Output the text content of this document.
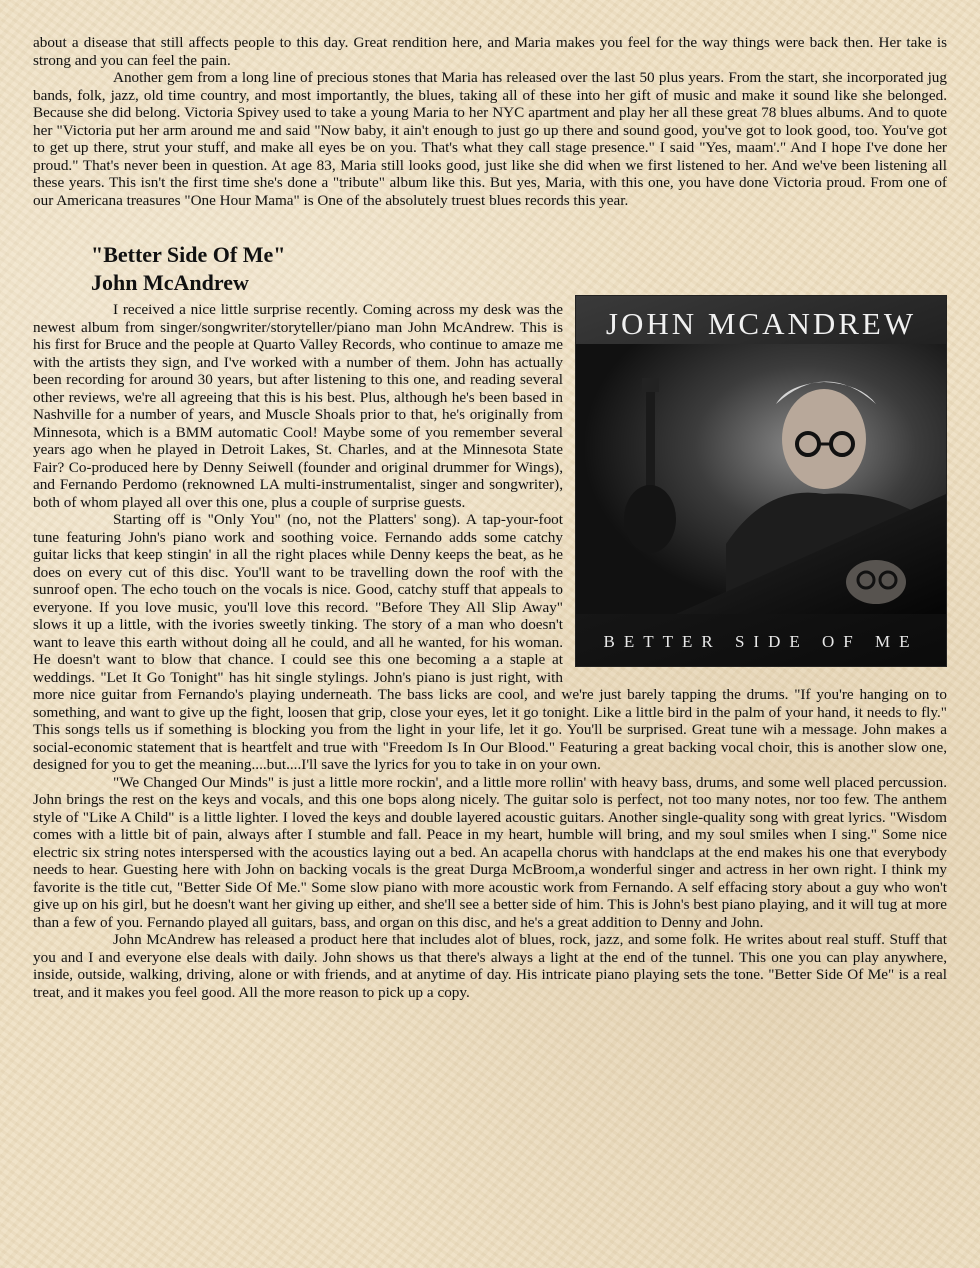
about a disease that still affects people to this day. Great rendition here, and Maria makes you feel for the way things were back then. Her take is strong and you can feel the pain.

Another gem from a long line of precious stones that Maria has released over the last 50 plus years. From the start, she incorporated jug bands, folk, jazz, old time country, and most importantly, the blues, taking all of these into her gift of music and make it sound like she belonged. Because she did belong. Victoria Spivey used to take a young Maria to her NYC apartment and play her all these great 78 blues albums. And to quote her "Victoria put her arm around me and said "Now baby, it ain't enough to just go up there and sound good, you've got to look good, too. You've got to get up there, strut your stuff, and make all eyes be on you. That's what they call stage presence." I said "Yes, maam'." And I hope I've done her proud." That's never been in question. At age 83, Maria still looks good, just like she did when we first listened to her. And we've been listening all these years. This isn't the first time she's done a "tribute" album like this. But yes, Maria, with this one, you have done Victoria proud. From one of our Americana treasures "One Hour Mama" is One of the absolutely truest blues records this year.

"Better Side Of Me"
John McAndrew
JOHN MCANDREW
BETTER SIDE OF ME

I received a nice little surprise recently. Coming across my desk was the newest album from singer/songwriter/storyteller/piano man John McAndrew. This is his first for Bruce and the people at Quarto Valley Records, who continue to amaze me with the artists they sign, and I've worked with a number of them. John has actually been recording for around 30 years, but after listening to this one, and reading several other reviews, we're all agreeing that this is his best. Plus, although he's been based in Nashville for a number of years, and Muscle Shoals prior to that, he's originally from Minnesota, which is a BMM automatic Cool! Maybe some of you remember several years ago when he played in Detroit Lakes, St. Charles, and at the Minnesota State Fair? Co-produced here by Denny Seiwell (founder and original drummer for Wings), and Fernando Perdomo (reknowned LA multi-instrumentalist, singer and songwriter), both of whom played all over this one, plus a couple of surprise guests.

Starting off is "Only You" (no, not the Platters' song). A tap-your-foot tune featuring John's piano work and soothing voice. Fernando adds some catchy guitar licks that keep stingin' in all the right places while Denny keeps the beat, as he does on every cut of this disc. You'll want to be travelling down the roof with the sunroof open. The echo touch on the vocals is nice. Good, catchy stuff that appeals to everyone. If you love music, you'll love this record. "Before They All Slip Away" slows it up a little, with the ivories sweetly tinking. The story of a man who doesn't want to leave this earth without doing all he could, and all he wanted, for his woman. He doesn't want to blow that chance. I could see this one becoming a a staple at weddings. "Let It Go Tonight" has hit single stylings. John's piano is just right, with more nice guitar from Fernando's playing underneath. The bass licks are cool, and we're just barely tapping the drums. "If you're hanging on to something, and want to give up the fight, loosen that grip, close your eyes, let it go tonight. Like a little bird in the palm of your hand, it needs to fly." This songs tells us if something is blocking you from the light in your life, let it go. You'll be surprised. Great tune wih a message. John makes a social-economic statement that is heartfelt and true with "Freedom Is In Our Blood." Featuring a great backing vocal choir, this is another slow one, designed for you to get the meaning....but....I'll save the lyrics for you to take in on your own.

"We Changed Our Minds" is just a little more rockin', and a little more rollin' with heavy bass, drums, and some well placed percussion. John brings the rest on the keys and vocals, and this one bops along nicely. The guitar solo is perfect, not too many notes, nor too few. The anthem style of "Like A Child" is a little lighter. I loved the keys and double layered acoustic guitars. Another single-quality song with great lyrics. "Wisdom comes with a little bit of pain, always after I stumble and fall. Peace in my heart, humble will bring, and my soul smiles when I sing." Some nice electric six string notes interspersed with the acoustics laying out a bed. An acapella chorus with handclaps at the end makes his one that everybody needs to hear. Guesting here with John on backing vocals is the great Durga McBroom,a wonderful singer and actress in her own right. I think my favorite is the title cut, "Better Side Of Me." Some slow piano with more acoustic work from Fernando. A self effacing story about a guy who won't give up on his girl, but he doesn't want her giving up either, and she'll see a better side of him. This is John's best piano playing, and it will tug at more than a few of you. Fernando played all guitars, bass, and organ on this disc, and he's a great addition to Denny and John.

John McAndrew has released a product here that includes alot of blues, rock, jazz, and some folk. He writes about real stuff. Stuff that you and I and everyone else deals with daily. John shows us that there's always a light at the end of the tunnel. This one you can play anywhere, inside, outside, walking, driving, alone or with friends, and at anytime of day. His intricate piano playing sets the tone. "Better Side Of Me" is a real treat, and it makes you feel good. All the more reason to pick up a copy.
